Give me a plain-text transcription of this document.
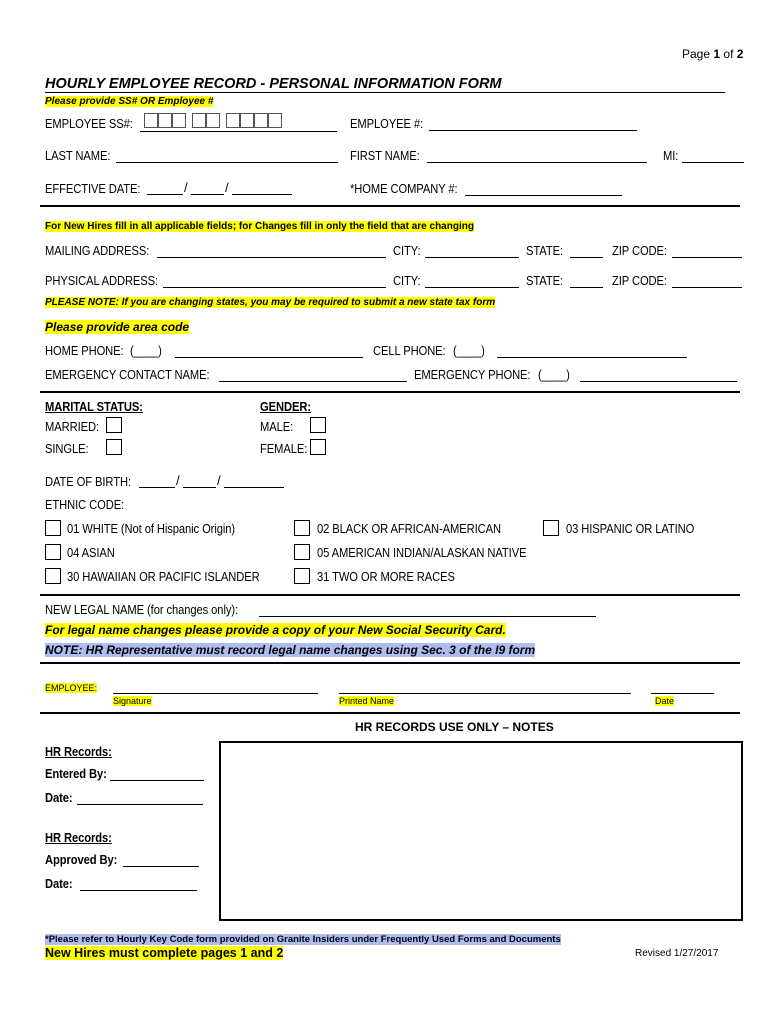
Page 1 of 2
HOURLY EMPLOYEE RECORD - PERSONAL INFORMATION FORM
Please provide SS# OR Employee #
EMPLOYEE SS#:	EMPLOYEE #:
LAST NAME:	FIRST NAME:	MI:
EFFECTIVE DATE:	/	/	*HOME COMPANY #:
For New Hires fill in all applicable fields; for Changes fill in only the field that are changing
MAILING ADDRESS:	CITY:	STATE:	ZIP CODE:
PHYSICAL ADDRESS:	CITY:	STATE:	ZIP CODE:
PLEASE NOTE: If you are changing states, you may be required to submit a new state tax form
Please provide area code
HOME PHONE: (____)	CELL PHONE: (____)
EMERGENCY CONTACT NAME:	EMERGENCY PHONE: (____)
MARITAL STATUS:
MARRIED:
SINGLE:
GENDER:
MALE:
FEMALE:
DATE OF BIRTH:	/	/
ETHNIC CODE:
01 WHITE (Not of Hispanic Origin)	02 BLACK OR AFRICAN-AMERICAN	03 HISPANIC OR LATINO
04 ASIAN	05 AMERICAN INDIAN/ALASKAN NATIVE
30 HAWAIIAN OR PACIFIC ISLANDER	31 TWO OR MORE RACES
NEW LEGAL NAME (for changes only):
For legal name changes please provide a copy of your New Social Security Card.
NOTE: HR Representative must record legal name changes using Sec. 3 of the I9 form
EMPLOYEE:
Signature	Printed Name	Date
HR RECORDS USE ONLY – NOTES
HR Records:
Entered By:
Date:
HR Records:
Approved By:
Date:
*Please refer to Hourly Key Code form provided on Granite Insiders under Frequently Used Forms and Documents
New Hires must complete pages 1 and 2	Revised 1/27/2017
